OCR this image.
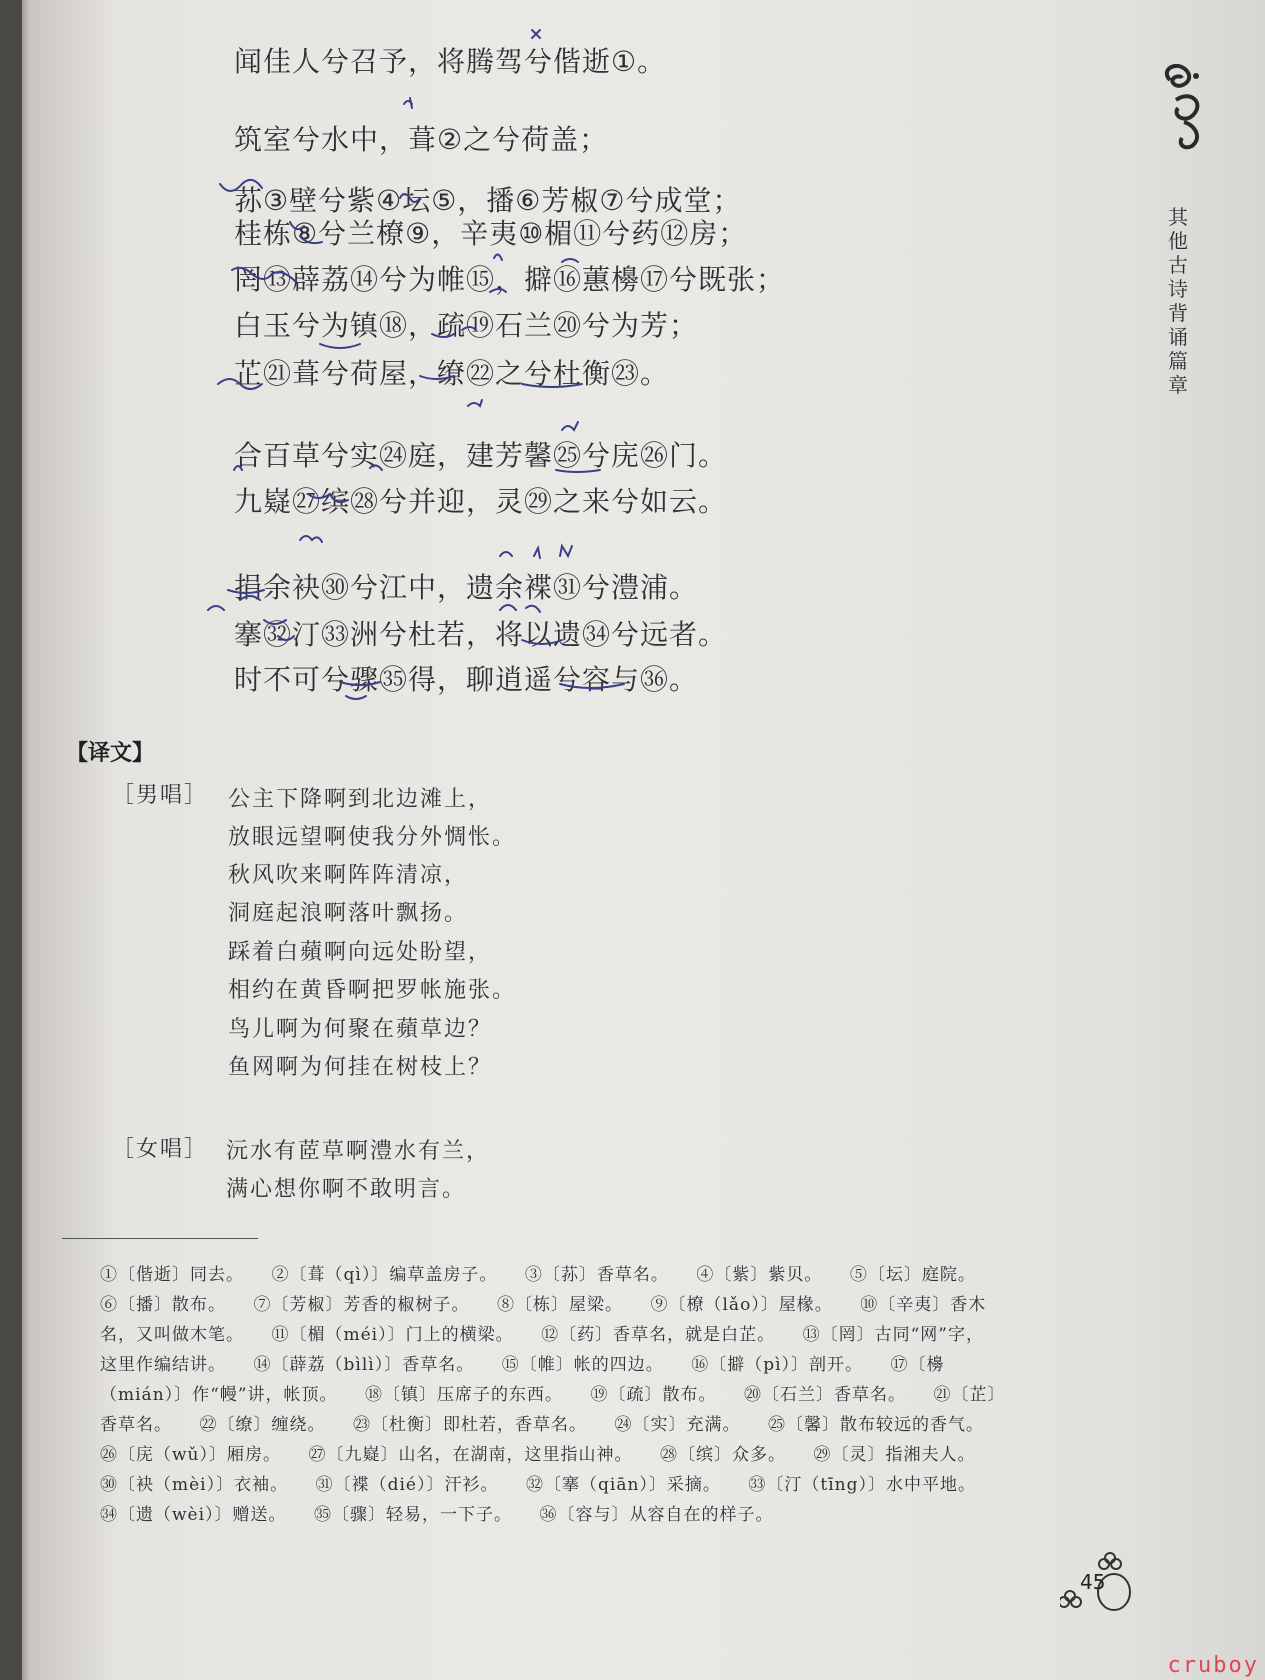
闻佳人兮召予，将腾驾兮偕逝①。
筑室兮水中，葺②之兮荷盖；
荪③壁兮紫④坛⑤，播⑥芳椒⑦兮成堂；
桂栋⑧兮兰橑⑨，辛夷⑩楣⑪兮药⑫房；
罔⑬薜荔⑭兮为帷⑮，擗⑯蕙櫋⑰兮既张；
白玉兮为镇⑱，疏⑲石兰⑳兮为芳；
芷㉑葺兮荷屋，缭㉒之兮杜衡㉓。
合百草兮实㉔庭，建芳馨㉕兮庑㉖门。
九嶷㉗缤㉘兮并迎，灵㉙之来兮如云。
捐余袂㉚兮江中，遗余褋㉛兮澧浦。
搴㉜汀㉝洲兮杜若，将以遗㉞兮远者。
时不可兮骤㉟得，聊逍遥兮容与㊱。
【译文】
［男唱］ 公主下降啊到北边滩上，
放眼远望啊使我分外惆怅。
秋风吹来啊阵阵清凉，
洞庭起浪啊落叶飘扬。
踩着白蘋啊向远处盼望，
相约在黄昏啊把罗帐施张。
鸟儿啊为何聚在蘋草边？
鱼网啊为何挂在树枝上？
［女唱］ 沅水有茝草啊澧水有兰，
满心想你啊不敢明言。
①〔偕逝〕同去。　　②〔葺（qì）〕编草盖房子。　　③〔荪〕香草名。　　④〔紫〕紫贝。　　⑤〔坛〕庭院。
⑥〔播〕散布。　　⑦〔芳椒〕芳香的椒树子。　　⑧〔栋〕屋梁。　　⑨〔橑（lǎo）〕屋椽。　　⑩〔辛夷〕香木
名，又叫做木笔。　　⑪〔楣（méi）〕门上的横梁。　　⑫〔药〕香草名，就是白芷。　　⑬〔罔〕古同“网”字，
这里作编结讲。　　⑭〔薜荔（bìlì）〕香草名。　　⑮〔帷〕帐的四边。　　⑯〔擗（pì）〕剖开。　　⑰〔櫋
（mián）〕作“幔”讲，帐顶。　　⑱〔镇〕压席子的东西。　　⑲〔疏〕散布。　　⑳〔石兰〕香草名。　　㉑〔芷〕
香草名。　　㉒〔缭〕缠绕。　　㉓〔杜衡〕即杜若，香草名。　　㉔〔实〕充满。　　㉕〔馨〕散布较远的香气。
㉖〔庑（wǔ）〕厢房。　　㉗〔九嶷〕山名，在湖南，这里指山神。　　㉘〔缤〕众多。　　㉙〔灵〕指湘夫人。
㉚〔袂（mèi）〕衣袖。　　㉛〔褋（dié）〕汗衫。　　㉜〔搴（qiān）〕采摘。　　㉝〔汀（tīng）〕水中平地。
㉞〔遗（wèi）〕赠送。　　㉟〔骤〕轻易，一下子。　　㊱〔容与〕从容自在的样子。
其他古诗背诵篇章
45
cruboy
